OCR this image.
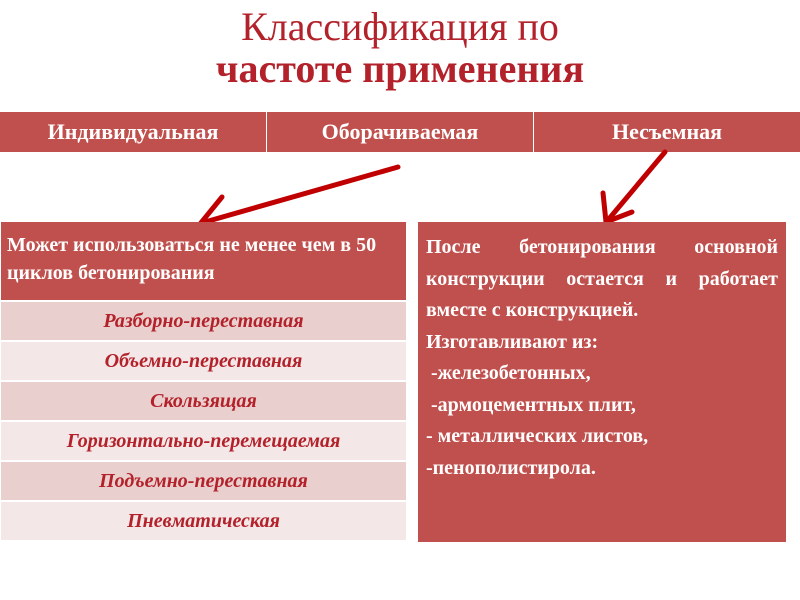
Классификация по
частоте применения
Индивидуальная	Оборачиваемая	Несъемная
Может использоваться не менее чем в 50 циклов бетонирования
Разборно-переставная
Объемно-переставная
Скользящая
Горизонтально-перемещаемая
Подъемно-переставная
Пневматическая
После бетонирования основной конструкции остается и работает вместе с конструкцией.
Изготавливают из:
-железобетонных,
-армоцементных плит,
- металлических листов,
-пенополистирола.
